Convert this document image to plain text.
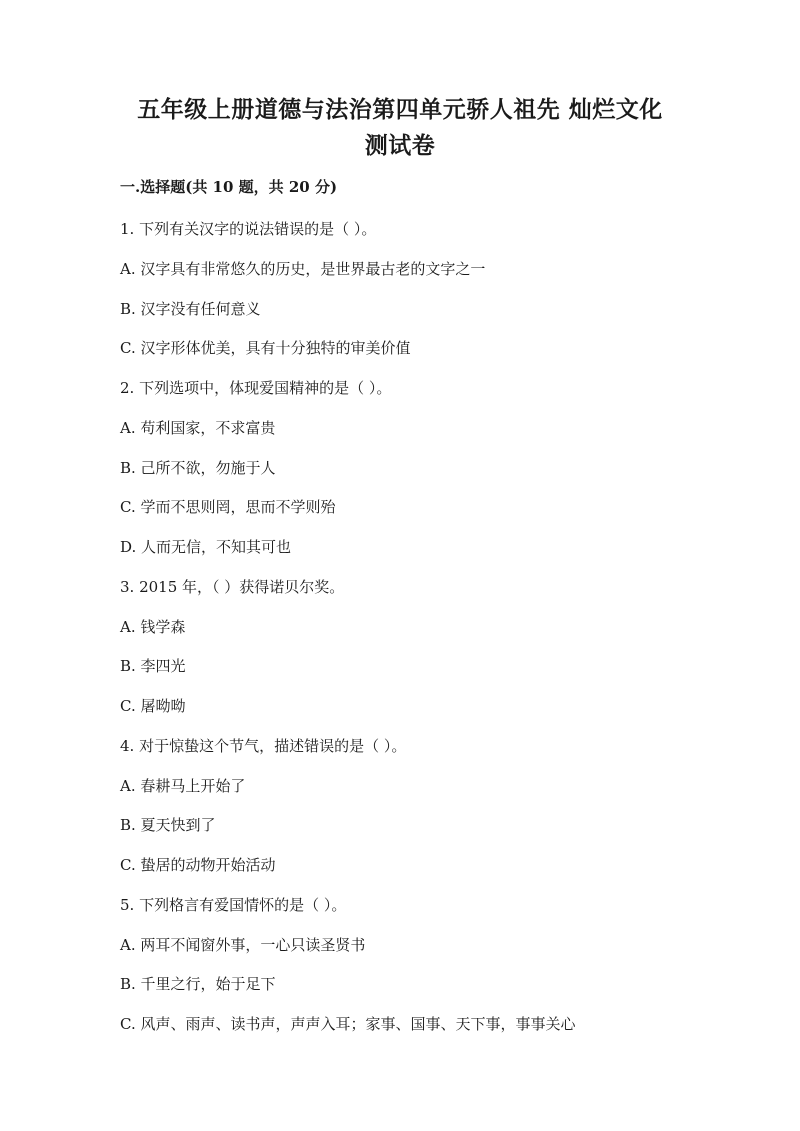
五年级上册道德与法治第四单元骄人祖先 灿烂文化
测试卷
一.选择题(共 10 题，共 20 分)
1. 下列有关汉字的说法错误的是（ ）。
A. 汉字具有非常悠久的历史，是世界最古老的文字之一
B. 汉字没有任何意义
C. 汉字形体优美，具有十分独特的审美价值
2. 下列选项中，体现爱国精神的是（ ）。
A. 苟利国家，不求富贵
B. 己所不欲，勿施于人
C. 学而不思则罔，思而不学则殆
D. 人而无信，不知其可也
3. 2015 年，（ ）获得诺贝尔奖。
A. 钱学森
B. 李四光
C. 屠呦呦
4. 对于惊蛰这个节气，描述错误的是（ ）。
A. 春耕马上开始了
B. 夏天快到了
C. 蛰居的动物开始活动
5. 下列格言有爱国情怀的是（ ）。
A. 两耳不闻窗外事，一心只读圣贤书
B. 千里之行，始于足下
C. 风声、雨声、读书声，声声入耳；家事、国事、天下事，事事关心
